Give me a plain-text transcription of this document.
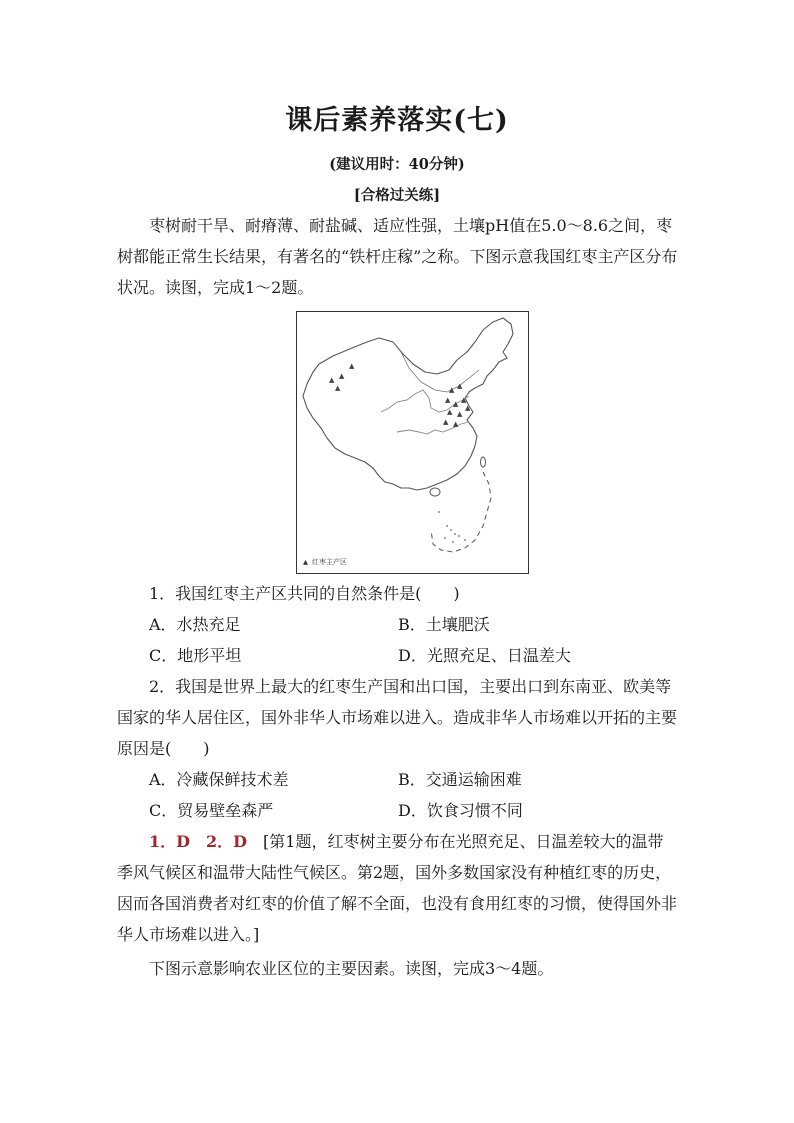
课后素养落实(七)
(建议用时：40分钟)
[合格过关练]

枣树耐干旱、耐瘠薄、耐盐碱、适应性强，土壤pH值在5.0～8.6之间，枣树都能正常生长结果，有著名的“铁杆庄稼”之称。下图示意我国红枣主产区分布状况。读图，完成1～2题。

▲ ▲
▲
▲
▲ ▲
▲ ▲ ▲
▲ ▲
▲
▲
▲
▲ 红枣主产区
1．我国红枣主产区共同的自然条件是(　　)
A．水热充足	B．土壤肥沃
C．地形平坦	D．光照充足、日温差大

2．我国是世界上最大的红枣生产国和出口国，主要出口到东南亚、欧美等国家的华人居住区，国外非华人市场难以进入。造成非华人市场难以开拓的主要原因是(　　)

A．冷藏保鲜技术差	B．交通运输困难
C．贸易壁垒森严	D．饮食习惯不同

1．D　2．D　[第1题，红枣树主要分布在光照充足、日温差较大的温带季风气候区和温带大陆性气候区。第2题，国外多数国家没有种植红枣的历史，因而各国消费者对红枣的价值了解不全面，也没有食用红枣的习惯，使得国外非华人市场难以进入。]

下图示意影响农业区位的主要因素。读图，完成3～4题。
